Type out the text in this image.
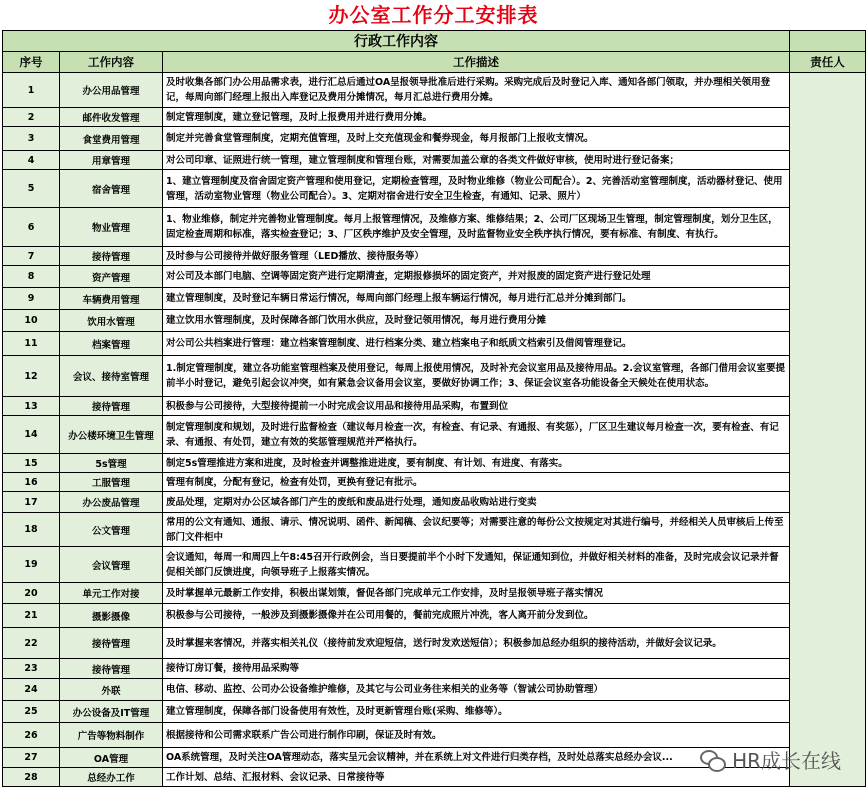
办公室工作分工安排表
行政工作内容			
序号	工作内容	工作描述	责任人
1	办公用品管理	及时收集各部门办公用品需求表，进行汇总后通过OA呈报领导批准后进行采购。采购完成后及时登记入库、通知各部门领取，并办理相关领用登记，每周向部门经理上报出入库登记及费用分摊情况，每月汇总进行费用分摊。	
2	邮件收发管理	制定管理制度，建立登记管理，及时上报费用并进行费用分摊。	
3	食堂费用管理	制定并完善食堂管理制度，定期充值管理，及时上交充值现金和餐券现金，每月报部门上报收支情况。	
4	用章管理	对公司印章、证照进行统一管理，建立管理制度和管理台账，对需要加盖公章的各类文件做好审核，使用时进行登记备案；	
5	宿舍管理	1、建立管理制度及宿舍固定资产管理和使用登记，定期检查管理，及时物业维修（物业公司配合）。2、完善活动室管理制度，活动器材登记、使用管理，活动室物业管理（物业公司配合）。3、定期对宿舍进行安全卫生检查，有通知、记录、照片）	
6	物业管理	1、物业维修，制定并完善物业管理制度。每月上报管理情况，及维修方案、维修结果；2、公司厂区现场卫生管理，制定管理制度，划分卫生区，固定检查周期和标准，落实检查登记；3、厂区秩序维护及安全管理，及时监督物业安全秩序执行情况，要有标准、有制度、有执行。	
7	接待管理	及时参与公司接待并做好服务管理（LED播放、接待服务等）	
8	资产管理	对公司及本部门电脑、空调等固定资产进行定期清查，定期报修损坏的固定资产，并对报废的固定资产进行登记处理	
9	车辆费用管理	建立管理制度，及时登记车辆日常运行情况，每周向部门经理上报车辆运行情况，每月进行汇总并分摊到部门。	
10	饮用水管理	建立饮用水管理制度，及时保障各部门饮用水供应，及时登记领用情况，每月进行费用分摊	
11	档案管理	对公司公共档案进行管理：建立档案管理制度、进行档案分类、建立档案电子和纸质文档索引及借阅管理登记。	
12	会议、接待室管理	1.制定管理制度，建立各功能室管理档案及使用登记，每周上报使用情况，及时补充会议室用品及接待用品。2.会议室管理，各部门借用会议室要提前半小时登记，避免引起会议冲突，如有紧急会议备用会议室，要做好协调工作；3、保证会议室各功能设备全天候处在使用状态。	
13	接待管理	积极参与公司接待，大型接待提前一小时完成会议用品和接待用品采购，布置到位	
14	办公楼环境卫生管理	制定管理制度和规划，及时进行监督检查（建议每月检查一次，有检查、有记录、有通报、有奖惩），厂区卫生建议每月检查一次，要有检查、有记录、有通报、有处罚，建立有效的奖惩管理规范并严格执行。	
15	5s管理	制定5s管理推进方案和进度，及时检查并调整推进进度，要有制度、有计划、有进度、有落实。	
16	工服管理	管理有制度，分配有登记，检查有处罚，更换有登记有批示。	
17	办公废品管理	废品处理，定期对办公区域各部门产生的废纸和废品进行处理，通知废品收购站进行变卖	
18	公文管理	常用的公文有通知、通报、请示、情况说明、函件、新闻稿、会议纪要等；对需要注意的每份公文按规定对其进行编号，并经相关人员审核后上传至部门文件柜中	
19	会议管理	会议通知，每周一和周四上午8:45召开行政例会，当日要提前半个小时下发通知，保证通知到位，并做好相关材料的准备，及时完成会议记录并督促相关部门反馈进度，向领导班子上报落实情况。	
20	单元工作对接	及时掌握单元最新工作安排，积极出谋划策，督促各部门完成单元工作安排，及时呈报领导班子落实情况	
21	摄影摄像	积极参与公司接待，一般涉及到摄影摄像并在公司用餐的，餐前完成照片冲洗，客人离开前分发到位。	
22	接待管理	及时掌握来客情况，并落实相关礼仪（接待前发欢迎短信，送行时发欢送短信）；积极参加总经办组织的接待活动，并做好会议记录。	
23	接待管理	接待订房订餐，接待用品采购等	
24	外联	电信、移动、监控、公司办公设备维护维修，及其它与公司业务往来相关的业务等（智诚公司协助管理）	
25	办公设备及IT管理	建立管理制度，保障各部门设备使用有效性，及时更新管理台账(采购、维修等）。	
26	广告等物料制作	根据接待和公司需求联系广告公司进行制作印刷，保证及时有效。	
27	OA管理	OA系统管理，及时关注OA管理动态，落实呈元会议精神，并在系统上对文件进行归类存档，及时处总落实总经办会议...	
28	总经办工作	工作计划、总结、汇报材料、会议记录、日常接待等	
HR成长在线
